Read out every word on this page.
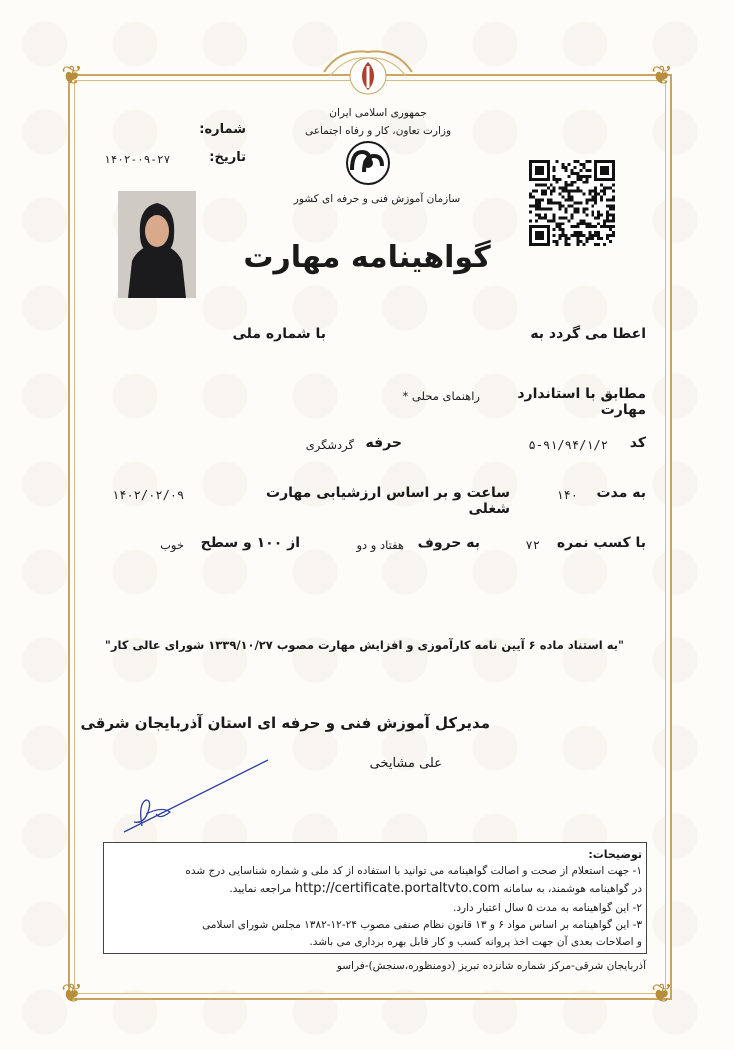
❦	❦
❦	❦
جمهوری اسلامی ایران
وزارت تعاون، کار و رفاه اجتماعی
سازمان آموزش فنی و حرفه ای کشور
شماره:
تاریخ:
۱۴۰۲-۰۹-۲۷
گواهینامه مهارت
اعطا می گردد به
با شماره ملی
مطابق با استاندارد مهارت
راهنمای محلی *
کد
۵-۹۱/۹۴/۱/۲
حرفه
گردشگری
به مدت
۱۴۰
ساعت و بر اساس ارزشیابی مهارت شغلی
۱۴۰۲/۰۲/۰۹
با کسب نمره
۷۲
به حروف
هفتاد و دو
از ۱۰۰ و سطح
خوب
"به استناد ماده ۶ آیین نامه کارآموزی و افزایش مهارت مصوب ۱۳۳۹/۱۰/۲۷ شورای عالی کار"
مدیرکل آموزش فنی و حرفه ای استان آذربایجان شرقی
علی مشایخی
توضیحات:
۱- جهت استعلام از صحت و اصالت گواهینامه می توانید با استفاده از کد ملی و شماره شناسایی درج شده
در گواهینامه هوشمند، به سامانه http://certificate.portaltvto.com مراجعه نمایید.
۲- این گواهینامه به مدت ۵ سال اعتبار دارد.
۳- این گواهینامه بر اساس مواد ۶ و ۱۳ قانون نظام صنفی مصوب ۲۴-۱۲-۱۳۸۲ مجلس شورای اسلامی
و اصلاحات بعدی آن جهت اخذ پروانه کسب و کار قابل بهره برداری می باشد.
آذربایجان شرقی-مرکز شماره شانزده تبریز (دومنظوره،سنجش)-فراسو
